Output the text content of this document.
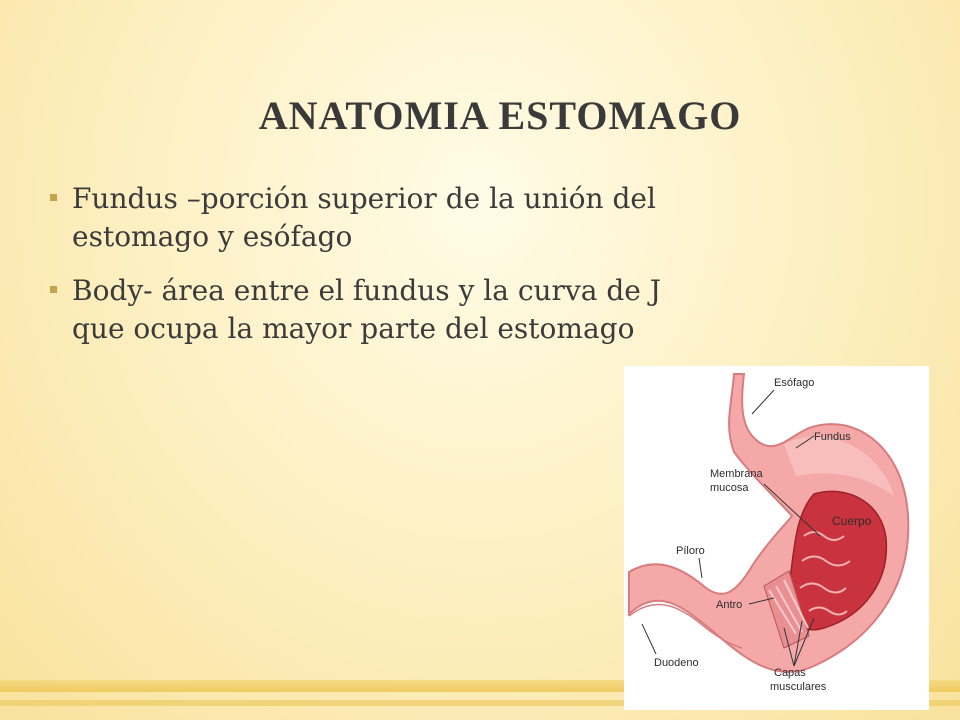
ANATOMIA ESTOMAGO
Fundus –porción superior de la unión del
estomago y esófago
Body- área entre el fundus y la curva de J
que ocupa la mayor parte del estomago
Esófago
Fundus
Membrana
mucosa
Cuerpo
Píloro
Antro
Duodeno
Capas
musculares
